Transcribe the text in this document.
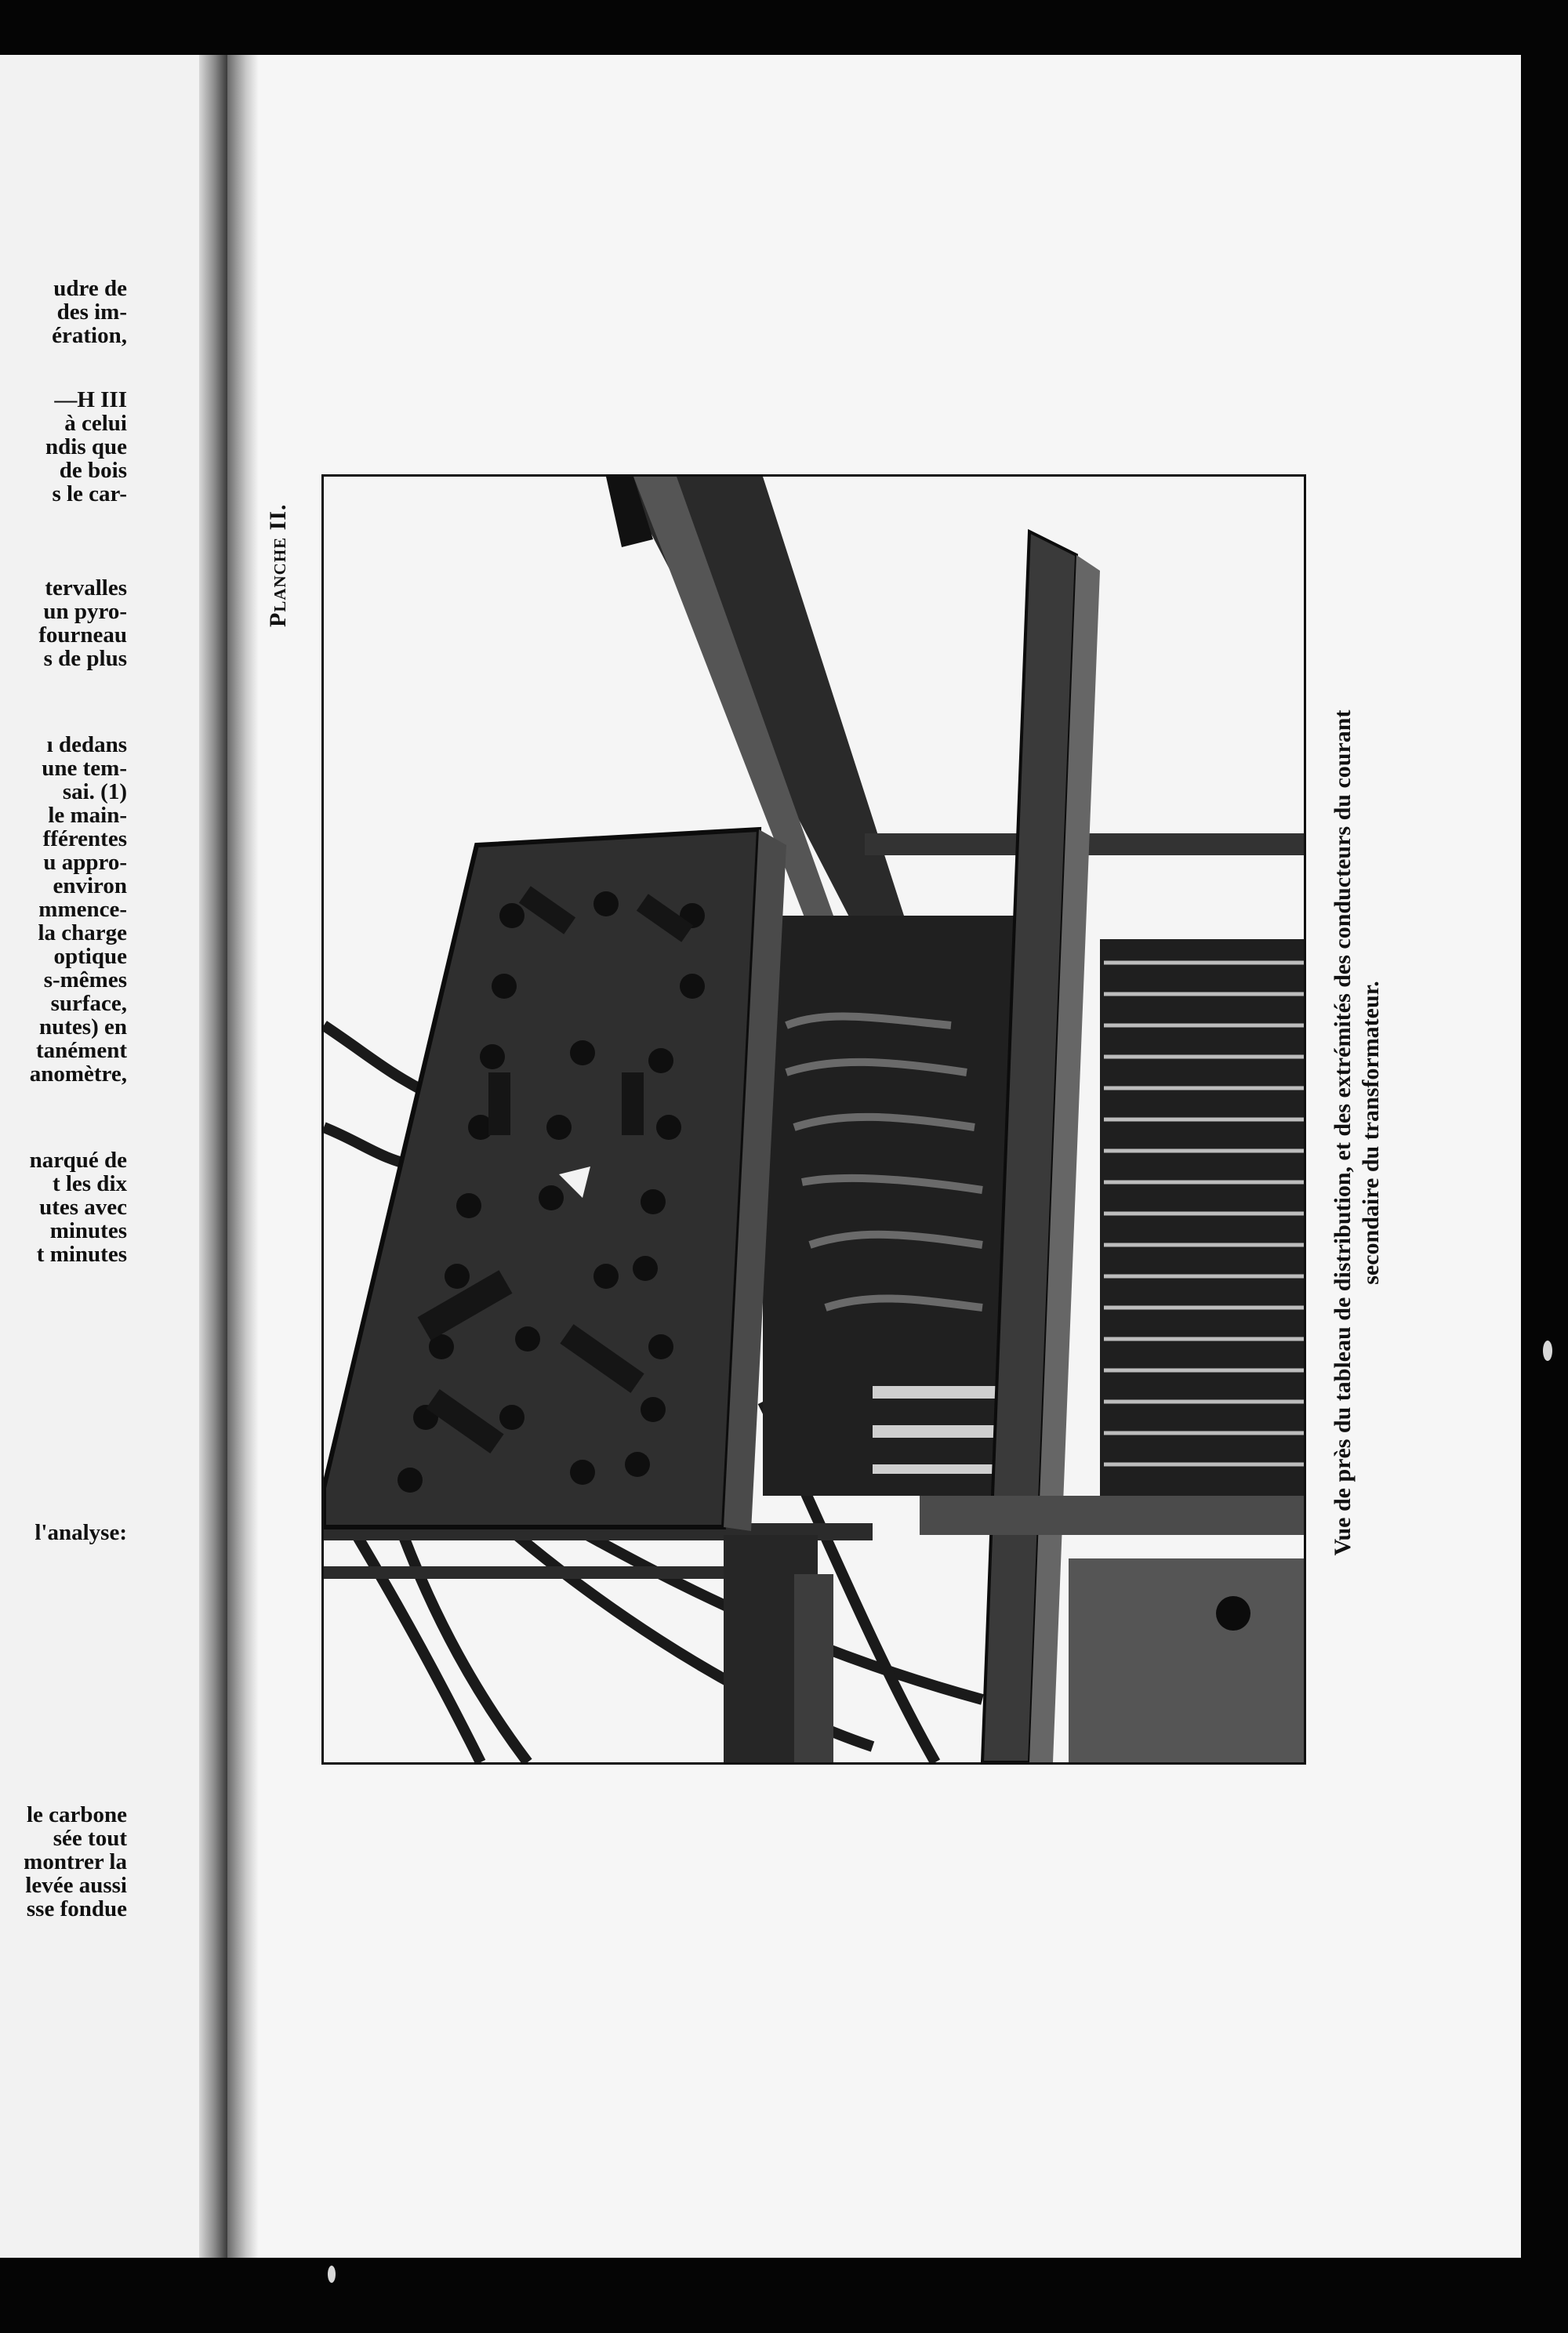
udre de

des im-

ération,

—H III

à celui

ndis que

de bois

s le car-

tervalles

un pyro-

fourneau

s de plus

ı dedans

une tem-

sai. (1)

le main-

fférentes

u appro-

environ

mmence-

la charge

optique

s-mêmes

surface,

nutes) en

tanément

anomètre,

narqué de

t les dix

utes avec

minutes

t minutes

l'analyse:

le carbone

sée tout

montrer la

levée aussi

sse fondue

Planche II.

Vue de près du tableau de distribution, et des extrémités des conducteurs du courant secondaire du transformateur.
